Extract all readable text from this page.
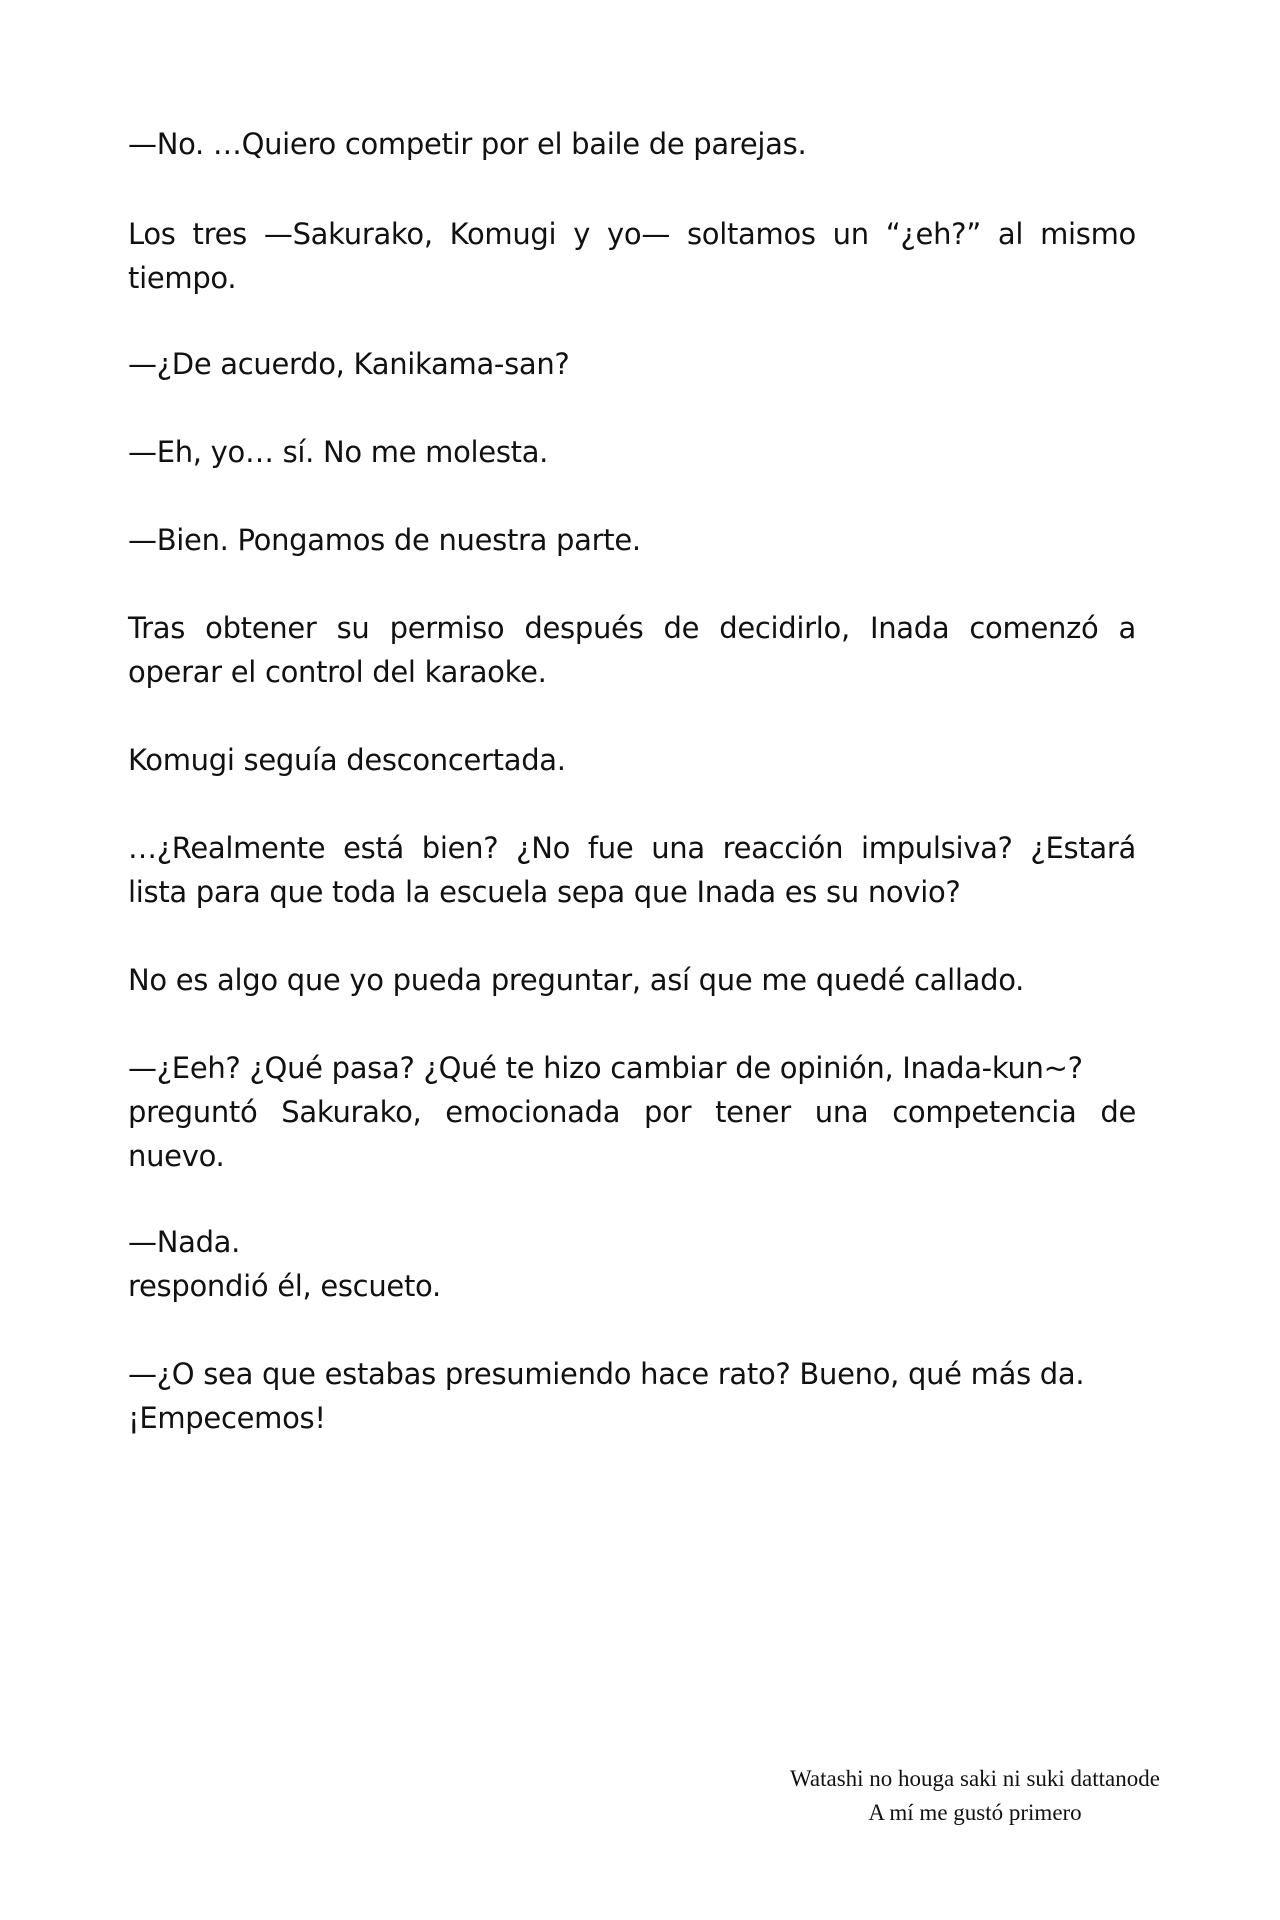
—No. …Quiero competir por el baile de parejas.

Los tres —Sakurako, Komugi y yo— soltamos un “¿eh?” al mismo
tiempo.

—¿De acuerdo, Kanikama-san?

—Eh, yo… sí. No me molesta.

—Bien. Pongamos de nuestra parte.

Tras obtener su permiso después de decidirlo, Inada comenzó a
operar el control del karaoke.

Komugi seguía desconcertada.

…¿Realmente está bien? ¿No fue una reacción impulsiva? ¿Estará
lista para que toda la escuela sepa que Inada es su novio?

No es algo que yo pueda preguntar, así que me quedé callado.

—¿Eeh? ¿Qué pasa? ¿Qué te hizo cambiar de opinión, Inada-kun~?
preguntó Sakurako, emocionada por tener una competencia de
nuevo.

—Nada.
respondió él, escueto.

—¿O sea que estabas presumiendo hace rato? Bueno, qué más da.
¡Empecemos!

Watashi no houga saki ni suki dattanode
A mí me gustó primero
